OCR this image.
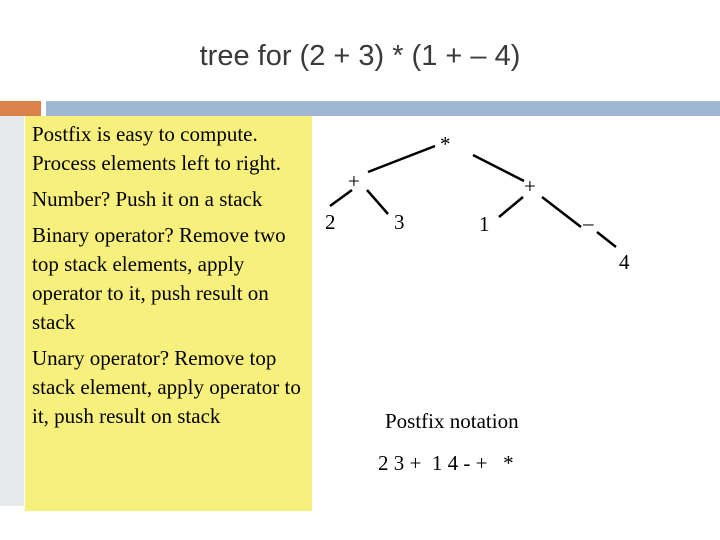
tree for (2 + 3) * (1 + – 4)

Postfix is easy to compute. Process elements left to right.

Number? Push it on a stack

Binary operator? Remove two top stack elements, apply operator to it, push result on stack

Unary operator? Remove top stack element, apply operator to it, push result on stack

*
+	+
2	3	1	–
4
Postfix notation
2 3 +  1 4 - +   *
